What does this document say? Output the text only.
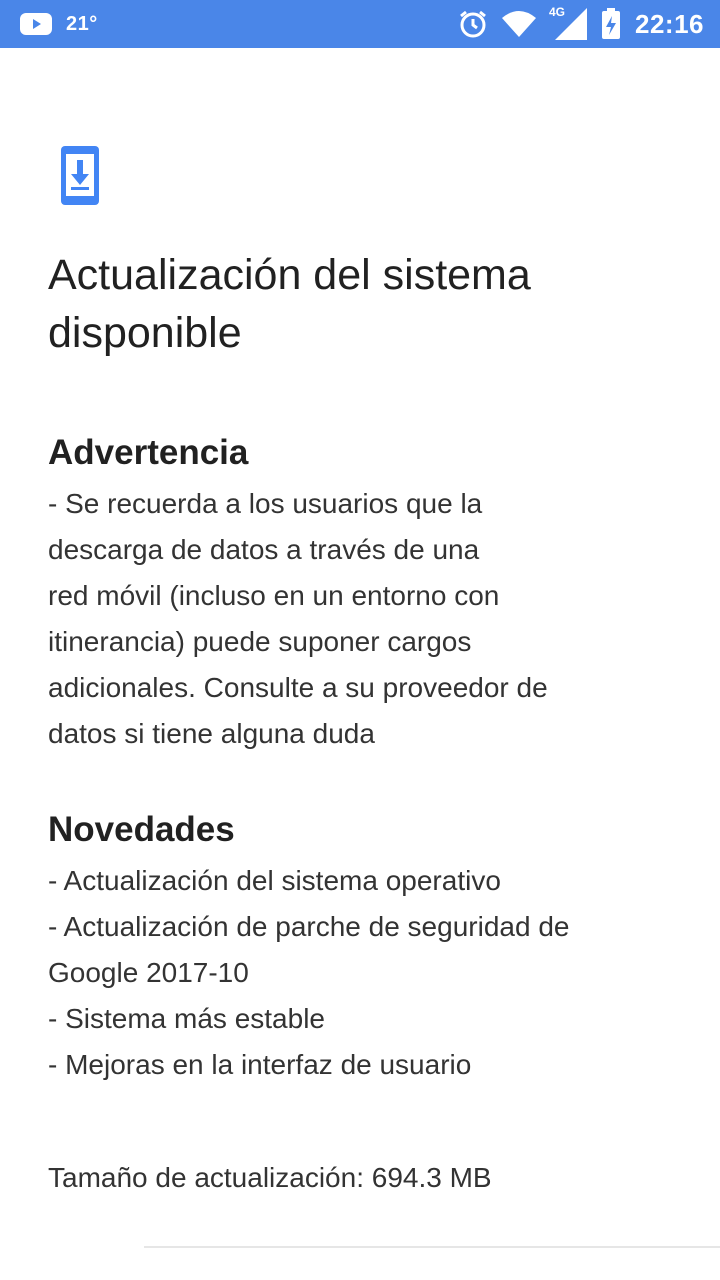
21°
4G	22:16
Actualización del sistema disponible
Advertencia
- Se recuerda a los usuarios que la
descarga de datos a través de una
red móvil (incluso en un entorno con
itinerancia) puede suponer cargos
adicionales. Consulte a su proveedor de
datos si tiene alguna duda
Novedades
- Actualización del sistema operativo
- Actualización de parche de seguridad de
Google 2017-10
- Sistema más estable
- Mejoras en la interfaz de usuario
Tamaño de actualización: 694.3 MB
